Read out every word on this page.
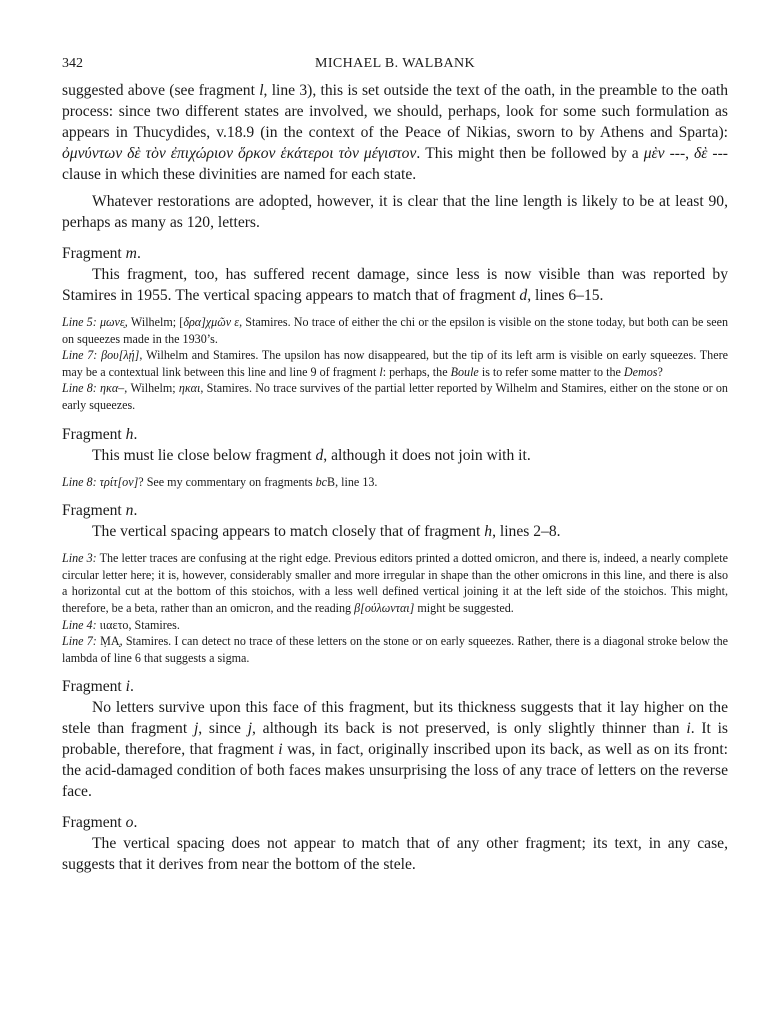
342	MICHAEL B. WALBANK

suggested above (see fragment l, line 3), this is set outside the text of the oath, in the preamble to the oath process: since two different states are involved, we should, perhaps, look for some such formulation as appears in Thucydides, v.18.9 (in the context of the Peace of Nikias, sworn to by Athens and Sparta): ὀμνύντων δὲ τὸν ἐπιχώριον ὅρκον ἑκάτεροι τὸν μέγιστον. This might then be followed by a μὲν ---, δὲ --- clause in which these divinities are named for each state.

Whatever restorations are adopted, however, it is clear that the line length is likely to be at least 90, perhaps as many as 120, letters.

Fragment m.

This fragment, too, has suffered recent damage, since less is now visible than was reported by Stamires in 1955. The vertical spacing appears to match that of fragment d, lines 6–15.

Line 5: μωνε̣, Wilhelm; [δρα]χμῶν ε, Stamires. No trace of either the chi or the epsilon is visible on the stone today, but both can be seen on squeezes made in the 1930’s.

Line 7: βου[λῄ], Wilhelm and Stamires. The upsilon has now disappeared, but the tip of its left arm is visible on early squeezes. There may be a contextual link between this line and line 9 of fragment l: perhaps, the Boule is to refer some matter to the Demos?

Line 8: ηκα–, Wilhelm; ηκαι, Stamires. No trace survives of the partial letter reported by Wilhelm and Stamires, either on the stone or on early squeezes.

Fragment h.

This must lie close below fragment d, although it does not join with it.

Line 8: τρίτ[ον]? See my commentary on fragments bcB, line 13.

Fragment n.

The vertical spacing appears to match closely that of fragment h, lines 2–8.

Line 3: The letter traces are confusing at the right edge. Previous editors printed a dotted omicron, and there is, indeed, a nearly complete circular letter here; it is, however, considerably smaller and more irregular in shape than the other omicrons in this line, and there is also a horizontal cut at the bottom of this stoichos, with a less well defined vertical joining it at the left side of the stoichos. This might, therefore, be a beta, rather than an omicron, and the reading β[ούλωνται] might be suggested.

Line 4: ιιαετο, Stamires.

Line 7: ṂΑ̣, Stamires. I can detect no trace of these letters on the stone or on early squeezes. Rather, there is a diagonal stroke below the lambda of line 6 that suggests a sigma.

Fragment i.

No letters survive upon this face of this fragment, but its thickness suggests that it lay higher on the stele than fragment j, since j, although its back is not preserved, is only slightly thinner than i. It is probable, therefore, that fragment i was, in fact, originally inscribed upon its back, as well as on its front: the acid-damaged condition of both faces makes unsurprising the loss of any trace of letters on the reverse face.

Fragment o.

The vertical spacing does not appear to match that of any other fragment; its text, in any case, suggests that it derives from near the bottom of the stele.
